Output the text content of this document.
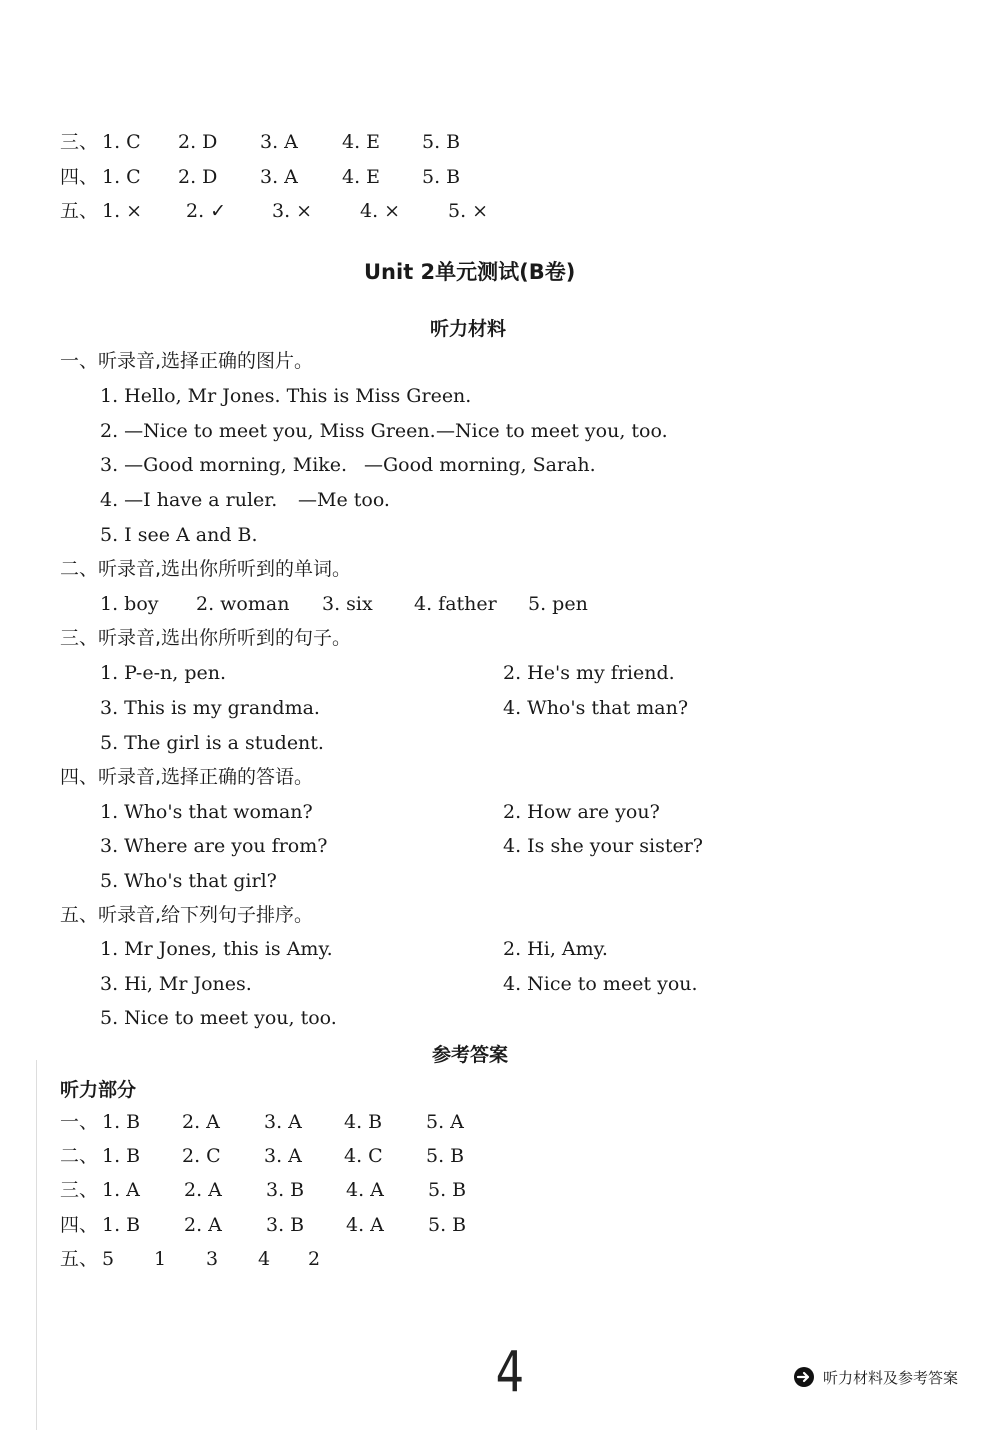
三、 1. C 2. D 3. A 4. E 5. B
四、 1. C 2. D 3. A 4. E 5. B
五、 1. × 2. ✓ 3. ×	4. ×	5. ×
Unit 2单元测试(B卷)
听力材料
一、听录音,选择正确的图片。
1. Hello, Mr Jones. This is Miss Green.
2. —Nice to meet you, Miss Green. —Nice to meet you, too.
3. —Good morning, Mike. —Good morning, Sarah.
4. —I have a ruler. —Me too.
5. I see A and B.
二、听录音,选出你所听到的单词。
1. boy 2. woman 3. six 4. father 5. pen
三、听录音,选出你所听到的句子。
1. P-e-n, pen.	2. He's my friend.
3. This is my grandma.	4. Who's that man?
5. The girl is a student.
四、听录音,选择正确的答语。
1. Who's that woman?	2. How are you?
3. Where are you from?	4. Is she your sister?
5. Who's that girl?
五、听录音,给下列句子排序。
1. Mr Jones, this is Amy.	2. Hi, Amy.
3. Hi, Mr Jones.	4. Nice to meet you.
5. Nice to meet you, too.
参考答案
听力部分
一、 1. B 2. A 3. A 4. B 5. A
二、 1. B 2. C 3. A 4. C 5. B
三、 1. A 2. A 3. B 4. A 5. B
四、 1. B 2. A 3. B 4. A 5. B
五、 5 1 3 4 2
4	听力材料及参考答案
